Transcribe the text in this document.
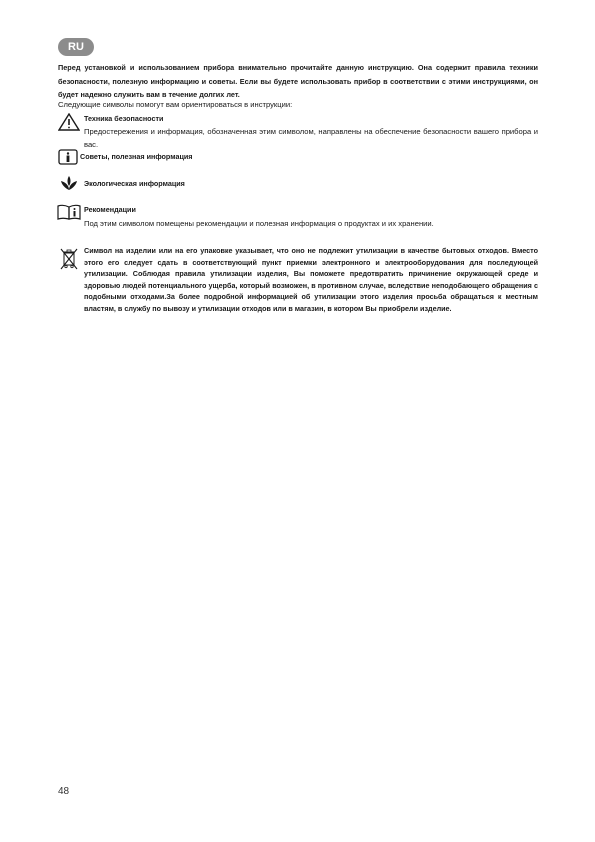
RU

Перед установкой и использованием прибора внимательно прочитайте данную инструкцию. Она содержит правила техники безопасности, полезную информацию и советы. Если вы будете использовать прибор в соответствии с этими инструкциями, он будет надежно служить вам в течение долгих лет.

Следующие символы помогут вам ориентироваться в инструкции:

Техника безопасности

Предостережения и информация, обозначенная этим символом, направлены на обеспечение безопасности вашего прибора и вас.

Советы, полезная информация

Экологическая информация

Рекомендации

Под этим символом помещены рекомендации и полезная информация о продуктах и их хранении.

Символ на изделии или на его упаковке указывает, что оно не подлежит утилизации в качестве бытовых отходов. Вместо этого его следует сдать в соответствующий пункт приемки электронного и электрооборудования для последующей утилизации. Соблюдая правила утилизации изделия, Вы поможете предотвратить причинение окружающей среде и здоровью людей потенциального ущерба, который возможен, в противном случае, вследствие неподобающего обращения с подобными отходами.За более подробной информацией об утилизации этого изделия просьба обращаться к местным властям, в службу по вывозу и утилизации отходов или в магазин, в котором Вы приобрели изделие.

48
